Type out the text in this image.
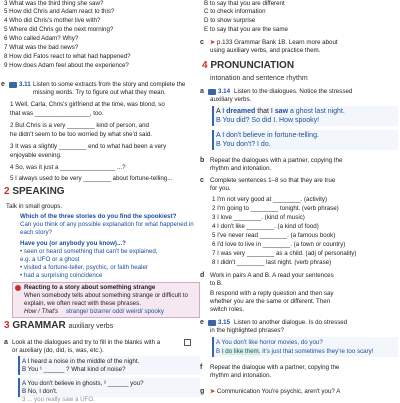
3 What was the third thing she saw?
5 How did Chris and Adam react to this?
4 Who did Chris's mother live with?
5 Where did Chris go the next morning?
6 Who called Adam? Why?
7 What was the bad news?
8 How did Fatos react to what had happened?
9 How does Adam feel about the experience?
e 3.11 Listen to some extracts from the story and complete the missing words. Try to figure out what they mean.
1 Well, Carla, Chris's girlfriend at the time, was blond, so
that was ________________, too.
2 But Chris is a very ________ kind of person, and
he didn't seem to be too worried by what she'd said.
3 It was a slightly ________ end to what had been a very
enjoyable evening.
4 So, was it just a ________________ ...?
5 I always used to be very ________ about fortune-telling...
2 SPEAKING
Talk in small groups.
Which of the three stories do you find the spookiest?
Can you think of any possible explanation for what happened in
each story?
Have you (or anybody you know)...?
• seen or heard something that can't be explained,
e.g. a UFO or a ghost
• visited a fortune-teller, psychic, or faith healer
• had a surprising coincidence
Reacting to a story about something strange
When somebody tells about something strange or difficult to
explain, we often react with these phrases.
How / That's strange/ bizarre/ odd/ weird/ spooky
3 GRAMMAR auxiliary verbs
a Look at the dialogues and try to fill in the blanks with a
or auxiliary (do, did, is, was, etc.).
A I heard a noise in the middle of the night.
B You ¹ ______ ? What kind of noise?
A You don't believe in ghosts, ² ______ you?
B No, I don't.
3 ... you really saw a UFO.
B to say that you are different
C to check information
D to show surprise
E to say that you are the same
c ➤ p.133 Grammar Bank 1B. Learn more about
using auxiliary verbs, and practice them.
4 PRONUNCIATION
intonation and sentence rhythm
a 3.14 Listen to the dialogues. Notice the stressed
auxiliary verbs.
A I dreamed that I saw a ghost last night.
B You did? So did I. How spooky!
A I don't believe in fortune-telling.
B You don't? I do.
b Repeat the dialogues with a partner, copying the
rhythm and intonation.
c Complete sentences 1–8 so that they are true
for you.
1 I'm not very good at ________. (activity)
2 I'm going to ________ tonight. (verb phrase)
3 I love ________. (kind of music)
4 I don't like ________. (a kind of food)
5 I've never read ________. (a famous book)
6 I'd love to live in ________. (a town or country)
7 I was very ________ as a child. (adj of personality)
8 I didn't ________ last night. (verb phrase)
d Work in pairs A and B. A read your sentences
to B.
B respond with a reply question and then say
whether you are the same or different. Then
switch roles.
e 3.15 Listen to another dialogue. Is do stressed
in the highlighted phrases?
A You don't like horror movies, do you?
B I do like them. It's just that sometimes they're too scary!
f Repeat the dialogue with a partner, copying the
rhythm and intonation.
g ➤ Communication You're psychic, aren't you? A
